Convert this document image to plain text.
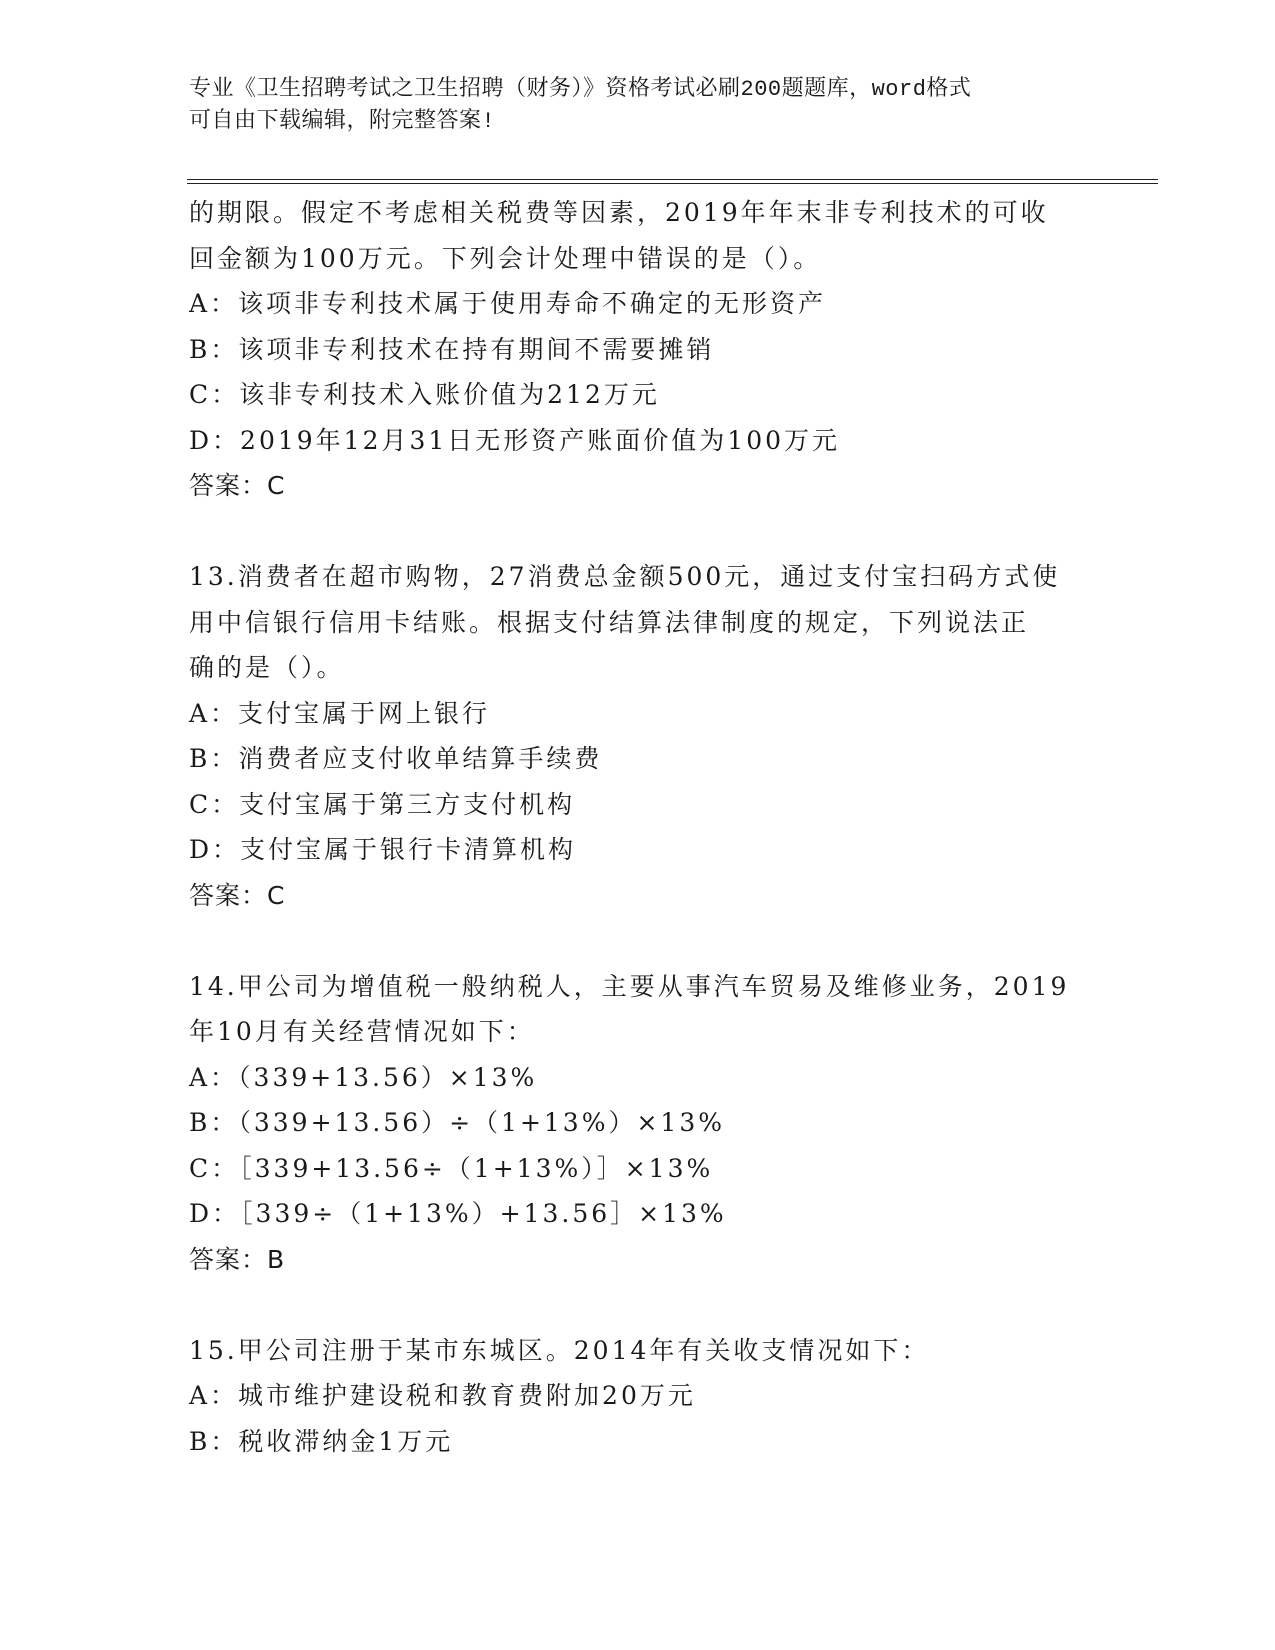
专业《卫生招聘考试之卫生招聘（财务）》资格考试必刷200题题库，word格式
可自由下载编辑，附完整答案!
的期限。假定不考虑相关税费等因素，2019年年末非专利技术的可收
回金额为100万元。下列会计处理中错误的是（）。
A：该项非专利技术属于使用寿命不确定的无形资产
B：该项非专利技术在持有期间不需要摊销
C：该非专利技术入账价值为212万元
D：2019年12月31日无形资产账面价值为100万元
答案：C
13.消费者在超市购物，27消费总金额500元，通过支付宝扫码方式使
用中信银行信用卡结账。根据支付结算法律制度的规定，下列说法正
确的是（）。
A：支付宝属于网上银行
B：消费者应支付收单结算手续费
C：支付宝属于第三方支付机构
D：支付宝属于银行卡清算机构
答案：C
14.甲公司为增值税一般纳税人，主要从事汽车贸易及维修业务，2019
年10月有关经营情况如下：
A：（339+13.56）×13%
B：（339+13.56）÷（1+13%）×13%
C：［339+13.56÷（1+13%）］×13%
D：［339÷（1+13%）+13.56］×13%
答案：B
15.甲公司注册于某市东城区。2014年有关收支情况如下：
A：城市维护建设税和教育费附加20万元
B：税收滞纳金1万元
